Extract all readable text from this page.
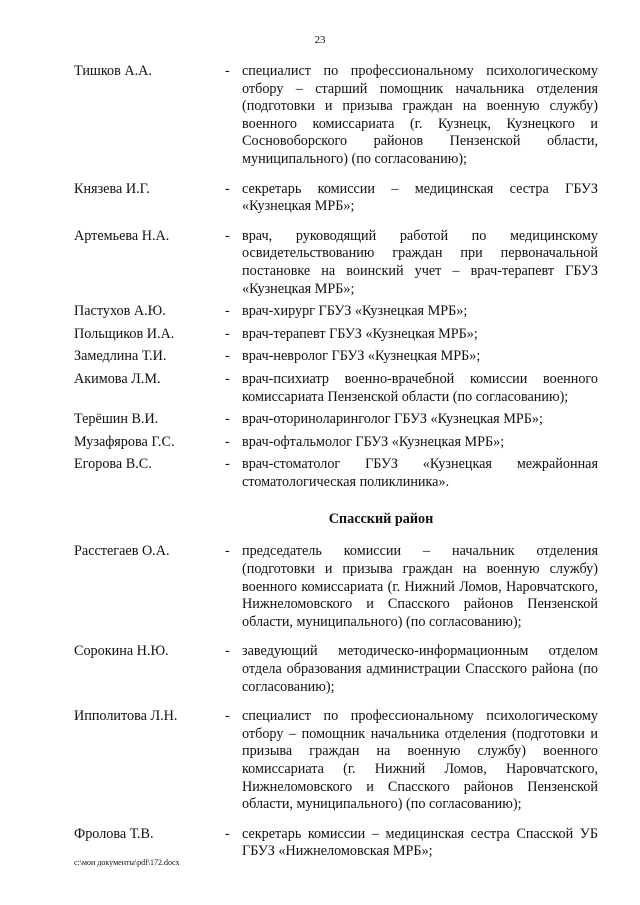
23
Тишков А.А.	- специалист по профессиональному психологическому отбору – старший помощник начальника отделения (подготовки и призыва граждан на военную службу) военного комиссариата (г. Кузнецк, Кузнецкого и Сосновоборского районов Пензенской области, муниципального) (по согласованию);
Князева И.Г.	- секретарь комиссии – медицинская сестра ГБУЗ «Кузнецкая МРБ»;
Артемьева Н.А.	- врач, руководящий работой по медицинскому освидетельствованию граждан при первоначальной постановке на воинский учет – врач-терапевт ГБУЗ «Кузнецкая МРБ»;
Пастухов А.Ю.	- врач-хирург ГБУЗ «Кузнецкая МРБ»;
Польщиков И.А.	- врач-терапевт ГБУЗ «Кузнецкая МРБ»;
Замедлина Т.И.	- врач-невролог ГБУЗ «Кузнецкая МРБ»;
Акимова Л.М.	- врач-психиатр военно-врачебной комиссии военного комиссариата Пензенской области (по согласованию);
Терёшин В.И.	- врач-оториноларинголог ГБУЗ «Кузнецкая МРБ»;
Музафярова Г.С.	- врач-офтальмолог ГБУЗ «Кузнецкая МРБ»;
Егорова В.С.	- врач-стоматолог ГБУЗ «Кузнецкая межрайонная стоматологическая поликлиника».
Спасский район
Расстегаев О.А.	- председатель комиссии – начальник отделения (подготовки и призыва граждан на военную службу) военного комиссариата (г. Нижний Ломов, Наровчатского, Нижнеломовского и Спасского районов Пензенской области, муниципального) (по согласованию);
Сорокина Н.Ю.	- заведующий методическо-информационным отделом отдела образования администрации Спасского района (по согласованию);
Ипполитова Л.Н.	- специалист по профессиональному психологическому отбору – помощник начальника отделения (подготовки и призыва граждан на военную службу) военного комиссариата (г. Нижний Ломов, Наровчатского, Нижнеломовского и Спасского районов Пензенской области, муниципального) (по согласованию);
Фролова Т.В.	- секретарь комиссии – медицинская сестра Спасской УБ ГБУЗ «Нижнеломовская МРБ»;
c:\мои документы\pdf\172.docx
